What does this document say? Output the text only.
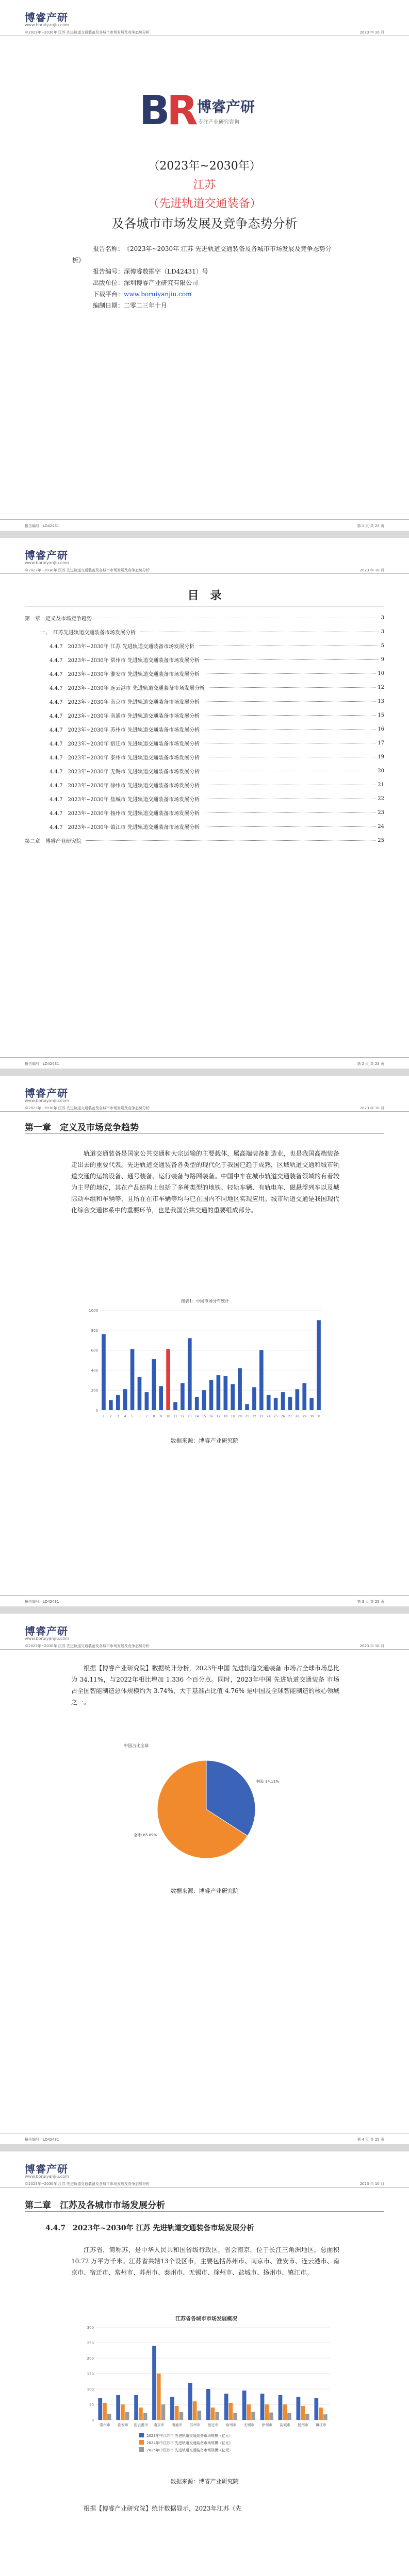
博睿产研
www.boruiyanjiu.com
©2023年~2030年 江苏 先进轨道交通装备及各城市市场发展及竞争态势分析	2023 年 10 月
BR 博睿产研
专注产业研究咨询
（2023年~2030年）
江苏
（先进轨道交通装备）
及各城市市场发展及竞争态势分析
报告名称：《2023年~2030年 江苏 先进轨道交通装备及各城市市场发展及竞争态势分析》
报告编号：深博睿数据字（LD42431）号
出版单位：深圳博睿产业研究有限公司
下载平台：www.boruiyanjiu.com
编制日期：二零二三年十月
报告编号：LD42431	第 1 页 共 25 页
博睿产研
www.boruiyanjiu.com
©2023年~2030年 江苏 先进轨道交通装备及各城市市场发展及竞争态势分析	2023 年 10 月
目　录
第一章　定义及市场竞争趋势	3
一、　江苏先进轨道交通装备市场发展分析	3
4.4.7　2023年~2030年 江苏 先进轨道交通装备市场发展分析	5
4.4.7　2023年~2030年 常州市 先进轨道交通装备市场发展分析	9
4.4.7　2023年~2030年 淮安市 先进轨道交通装备市场发展分析	10
4.4.7　2023年~2030年 连云港市 先进轨道交通装备市场发展分析	12
4.4.7　2023年~2030年 南京市 先进轨道交通装备市场发展分析	13
4.4.7　2023年~2030年 南通市 先进轨道交通装备市场发展分析	15
4.4.7　2023年~2030年 苏州市 先进轨道交通装备市场发展分析	16
4.4.7　2023年~2030年 宿迁市 先进轨道交通装备市场发展分析	17
4.4.7　2023年~2030年 泰州市 先进轨道交通装备市场发展分析	19
4.4.7　2023年~2030年 无锡市 先进轨道交通装备市场发展分析	20
4.4.7　2023年~2030年 徐州市 先进轨道交通装备市场发展分析	21
4.4.7　2023年~2030年 盐城市 先进轨道交通装备市场发展分析	22
4.4.7　2023年~2030年 扬州市 先进轨道交通装备市场发展分析	23
4.4.7　2023年~2030年 镇江市 先进轨道交通装备市场发展分析	24
第二章　博睿产业研究院	25
报告编号：LD42431	第 2 页 共 25 页
博睿产研
www.boruiyanjiu.com
©2023年~2030年 江苏 先进轨道交通装备及各城市市场发展及竞争态势分析	2023 年 10 月
第一章　定义及市场竞争趋势
轨道交通装备是国家公共交通和大宗运输的主要载体，属高端装备制造业，也是我国高端装备走出去的重要代表。先进轨道交通装备各类型的现代化于我国已趋于成熟，区域轨道交通和城市轨道交通的运输设备、通号装备、运行装备与路网装备。中国中车在城市轨道交通装备领域的有着较为主导的地位，其在产品结构上包括了多种类型的地铁、轻轨车辆、有轨电车、磁悬浮列车以及城际动车组和车辆等，且所在在市车辆等均与已在国内不同地区实现应用。城市轨道交通是我国现代化综合交通体系中的重要环节，也是我国公共交通的重要组成部分。
图表1：中国市场分布统计
0
200
400
600
800
1000
1 2 3 4 5 6 7 8 9 10 11 12 13 14 15 16 17 18 19 20 21 22 23 24 25 26 27 28 29 30 31
数据来源：博睿产业研究院
报告编号：LD42431	第 3 页 共 25 页
博睿产研
www.boruiyanjiu.com
©2023年~2030年 江苏 先进轨道交通装备及各城市市场发展及竞争态势分析	2023 年 10 月
根据【博睿产业研究院】数据统计分析，2023年中国 先进轨道交通装备 市场占全球市场总比为 34.11%，与2022年相比增加 1.336 个百分点。同时，2023年中国 先进轨道交通装备 市场占全国智能制造总体规模约为 3.74%，大于基准占比值 4.76% 是中国及全球智能制造的核心领域之一。
中国占比全球
中国: 34.11%
全球: 65.89%
数据来源：博睿产业研究院
报告编号：LD42431	第 4 页 共 25 页
博睿产研
www.boruiyanjiu.com
©2023年~2030年 江苏 先进轨道交通装备及各城市市场发展及竞争态势分析	2023 年 10 月
第二章　江苏及各城市市场发展分析
4.4.7　2023年~2030年 江苏 先进轨道交通装备市场发展分析
江苏省，简称苏，是中华人民共和国省级行政区，省会南京，位于长江三角洲地区，总面积 10.72 万平方千米。江苏省共辖13个设区市，主要包括苏州市、南京市、淮安市、连云港市、南京市、宿迁市、常州市、苏州市、泰州市、无锡市、徐州市、盐城市、扬州市、镇江市。
江苏省各城市市场发展概况
0
50
100
150
200
250
300
常州市 淮安市 连云港市 南京市 南通市 苏州市 宿迁市 泰州市 无锡市 徐州市 盐城市 扬州市 镇江市
2023年中江苏市 先进轨道交通装备市场规模（亿元）
2024年中江苏市 先进轨道交通装备市场规模（亿元）
2025年中江苏市 先进轨道交通装备市场规模（亿元）
数据来源：博睿产业研究院
根据【博睿产业研究院】统计数据显示，2023年江苏（先
